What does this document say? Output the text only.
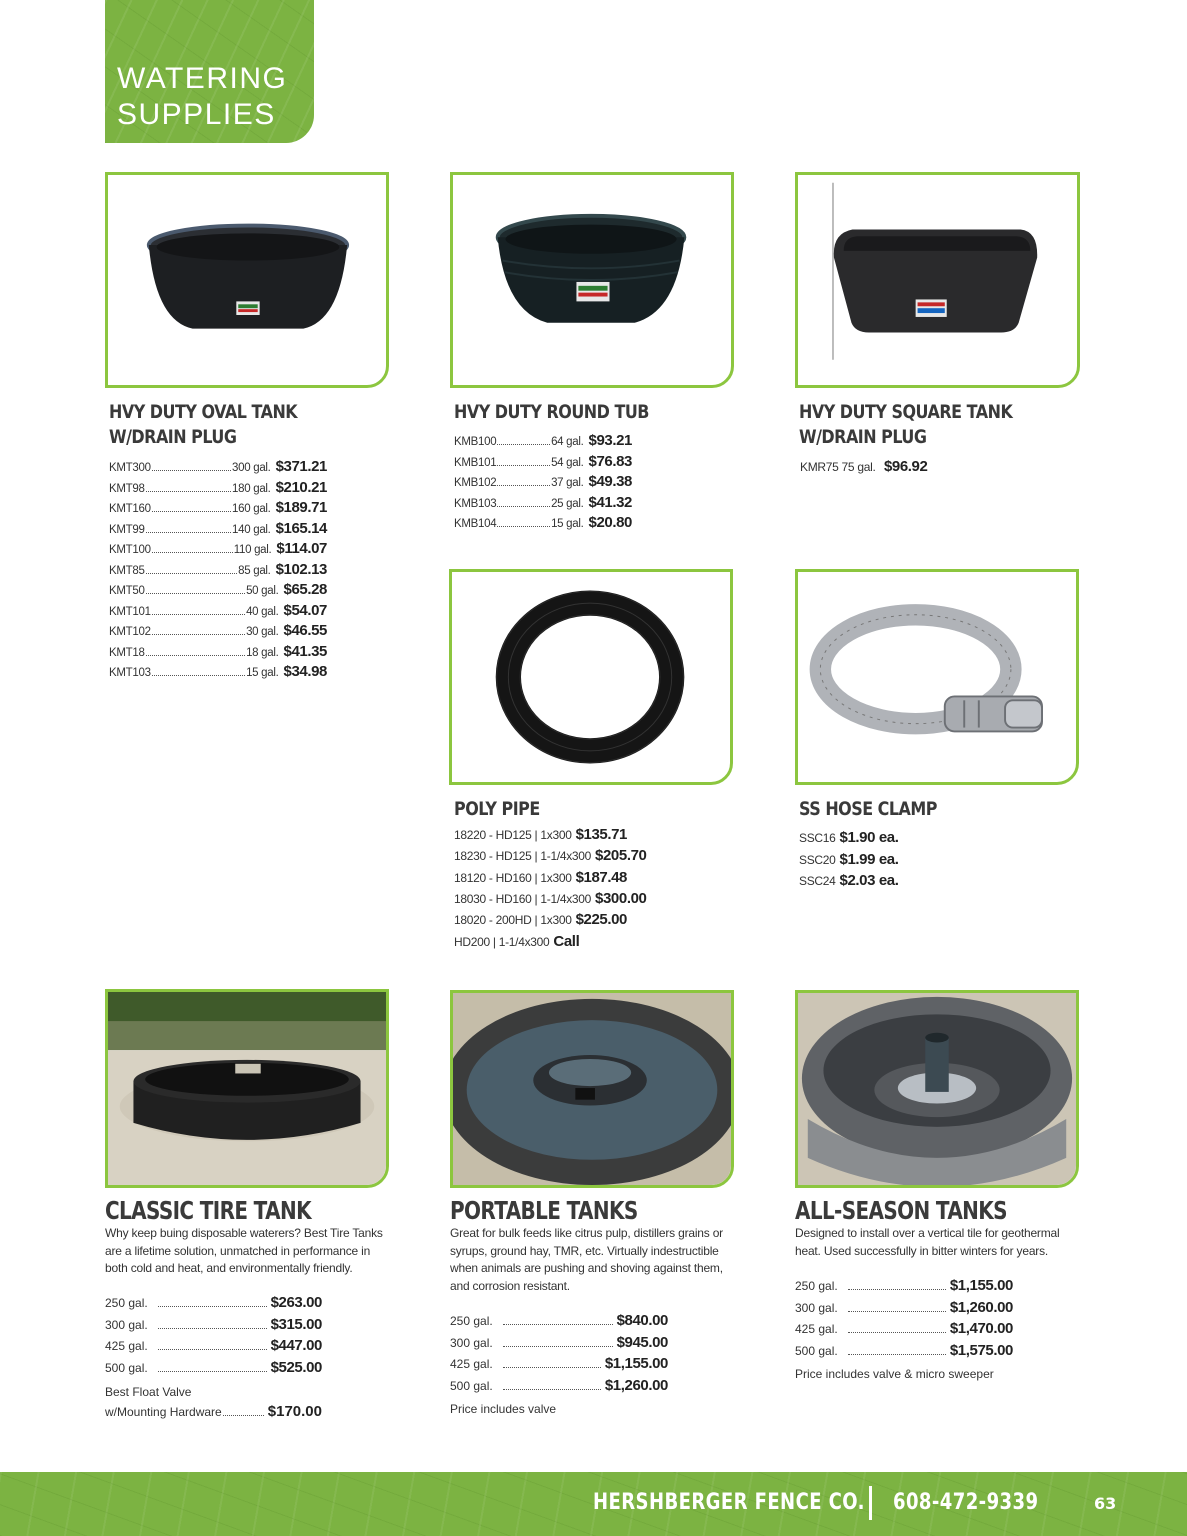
WATERING
SUPPLIES
HVY DUTY OVAL TANK
W/DRAIN PLUG
KMT300	300 gal. $371.21
KMT98	180 gal. $210.21
KMT160	160 gal. $189.71
KMT99	140 gal. $165.14
KMT100	110 gal. $114.07
KMT85	85 gal. $102.13
KMT50	50 gal. $65.28
KMT101	40 gal. $54.07
KMT102	30 gal. $46.55
KMT18	18 gal. $41.35
KMT103	15 gal. $34.98
HVY DUTY ROUND TUB
KMB100	64 gal. $93.21
KMB101	54 gal. $76.83
KMB102	37 gal. $49.38
KMB103	25 gal. $41.32
KMB104	15 gal. $20.80
HVY DUTY SQUARE TANK
W/DRAIN PLUG
KMR75 75 gal. $96.92
POLY PIPE
18220 - HD125 | 1x300 $135.71
18230 - HD125 | 1-1/4x300 $205.70
18120 - HD160 | 1x300 $187.48
18030 - HD160 | 1-1/4x300 $300.00
18020 - 200HD | 1x300 $225.00
HD200 | 1-1/4x300 Call
SS HOSE CLAMP
SSC16 $1.90 ea.
SSC20 $1.99 ea.
SSC24 $2.03 ea.
CLASSIC TIRE TANK
Why keep buing disposable waterers? Best Tire Tanks
are a lifetime solution, unmatched in performance in
both cold and heat, and environmentally friendly.
250 gal.	$263.00
300 gal.	$315.00
425 gal.	$447.00
500 gal.	$525.00
Best Float Valve
w/Mounting Hardware	$170.00
PORTABLE TANKS
Great for bulk feeds like citrus pulp, distillers grains or
syrups, ground hay, TMR, etc. Virtually indestructible
when animals are pushing and shoving against them,
and corrosion resistant.
250 gal.	$840.00
300 gal.	$945.00
425 gal.	$1,155.00
500 gal.	$1,260.00
Price includes valve
ALL-SEASON TANKS
Designed to install over a vertical tile for geothermal
heat. Used successfully in bitter winters for years.
250 gal.	$1,155.00
300 gal.	$1,260.00
425 gal.	$1,470.00
500 gal.	$1,575.00
Price includes valve & micro sweeper
HERSHBERGER FENCE CO. 608-472-9339	63
